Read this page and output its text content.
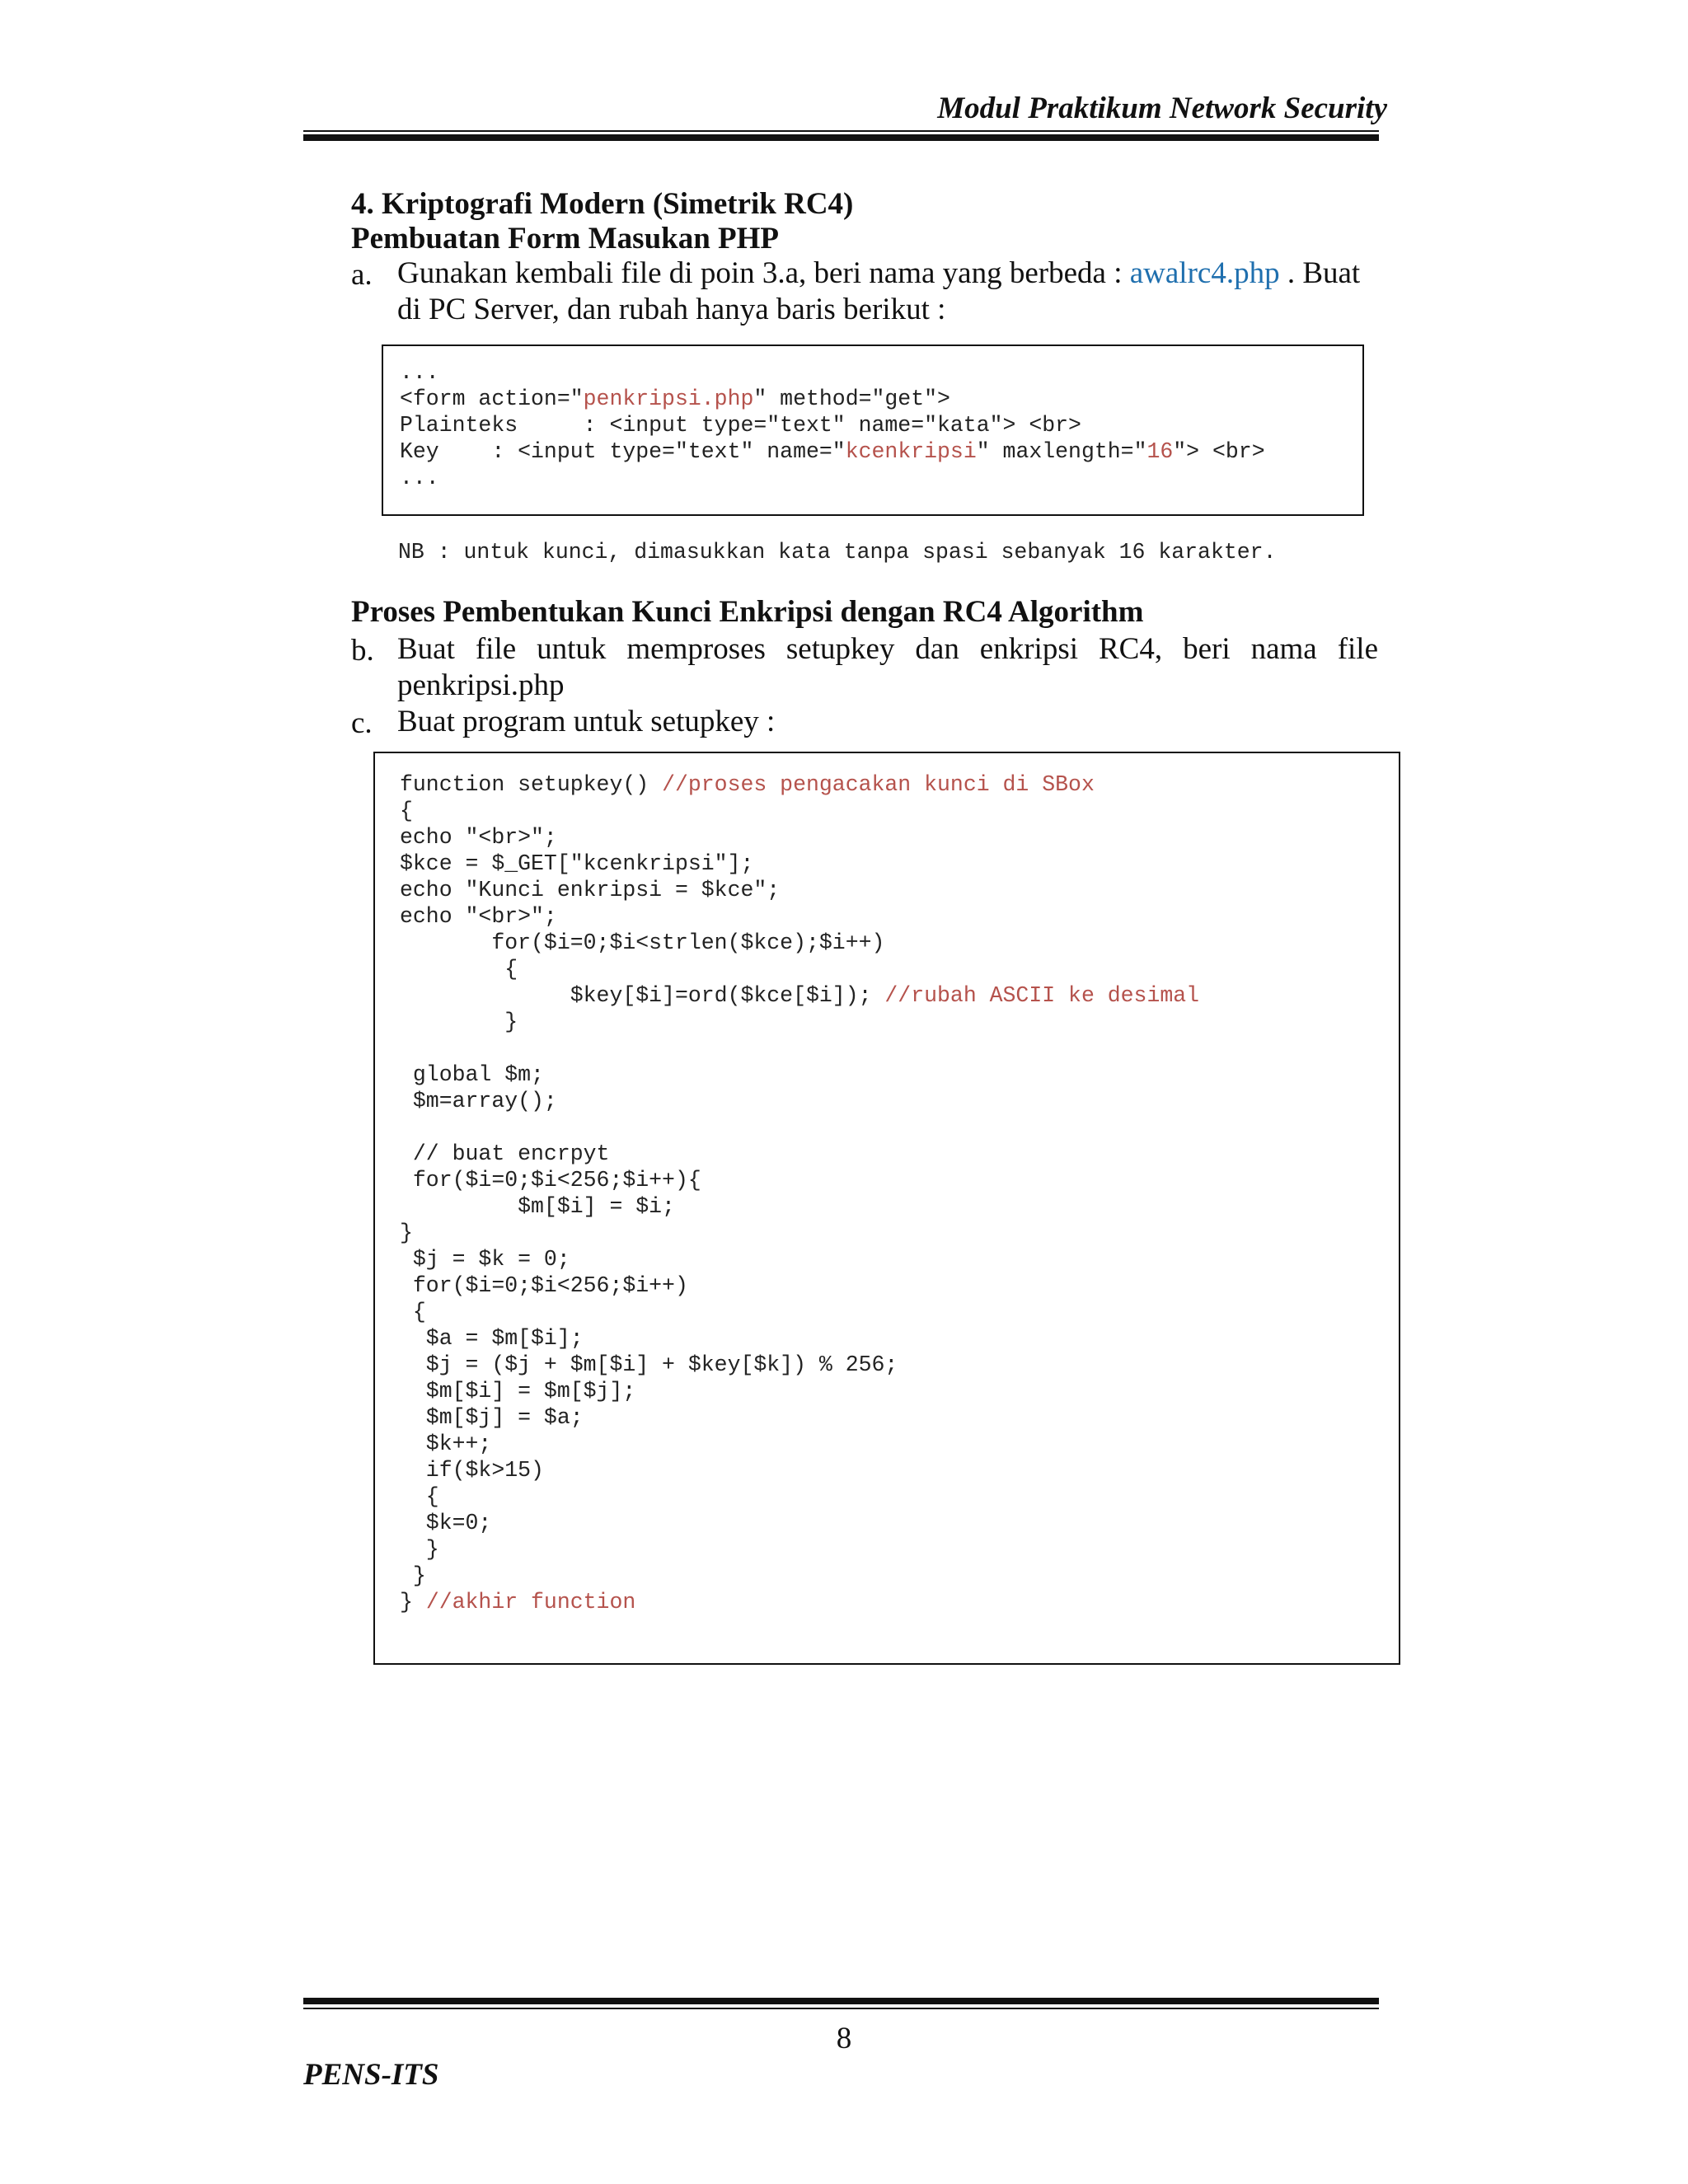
Modul Praktikum Network Security
4. Kriptografi Modern (Simetrik RC4)
Pembuatan Form Masukan PHP
a. Gunakan kembali file di poin 3.a, beri nama yang berbeda : awalrc4.php . Buat
di PC Server, dan rubah hanya baris berikut :
...
<form action="penkripsi.php" method="get">
Plainteks     : <input type="text" name="kata"> <br>
Key    : <input type="text" name="kcenkripsi" maxlength="16"> <br>
...
NB : untuk kunci, dimasukkan kata tanpa spasi sebanyak 16 karakter.
Proses Pembentukan Kunci Enkripsi dengan RC4 Algorithm
b. Buat file untuk memproses setupkey dan enkripsi RC4, beri nama file
penkripsi.php
c. Buat program untuk setupkey :
function setupkey() //proses pengacakan kunci di SBox
{
echo "<br>";
$kce = $_GET["kcenkripsi"];
echo "Kunci enkripsi = $kce";
echo "<br>";
for($i=0;$i<strlen($kce);$i++)
{
$key[$i]=ord($kce[$i]); //rubah ASCII ke desimal
}

global $m;
$m=array();

// buat encrpyt
for($i=0;$i<256;$i++){
$m[$i] = $i;
}
$j = $k = 0;
for($i=0;$i<256;$i++)
{
$a = $m[$i];
$j = ($j + $m[$i] + $key[$k]) % 256;
$m[$i] = $m[$j];
$m[$j] = $a;
$k++;
if($k>15)
{
$k=0;
}
}
} //akhir function
8
PENS-ITS
